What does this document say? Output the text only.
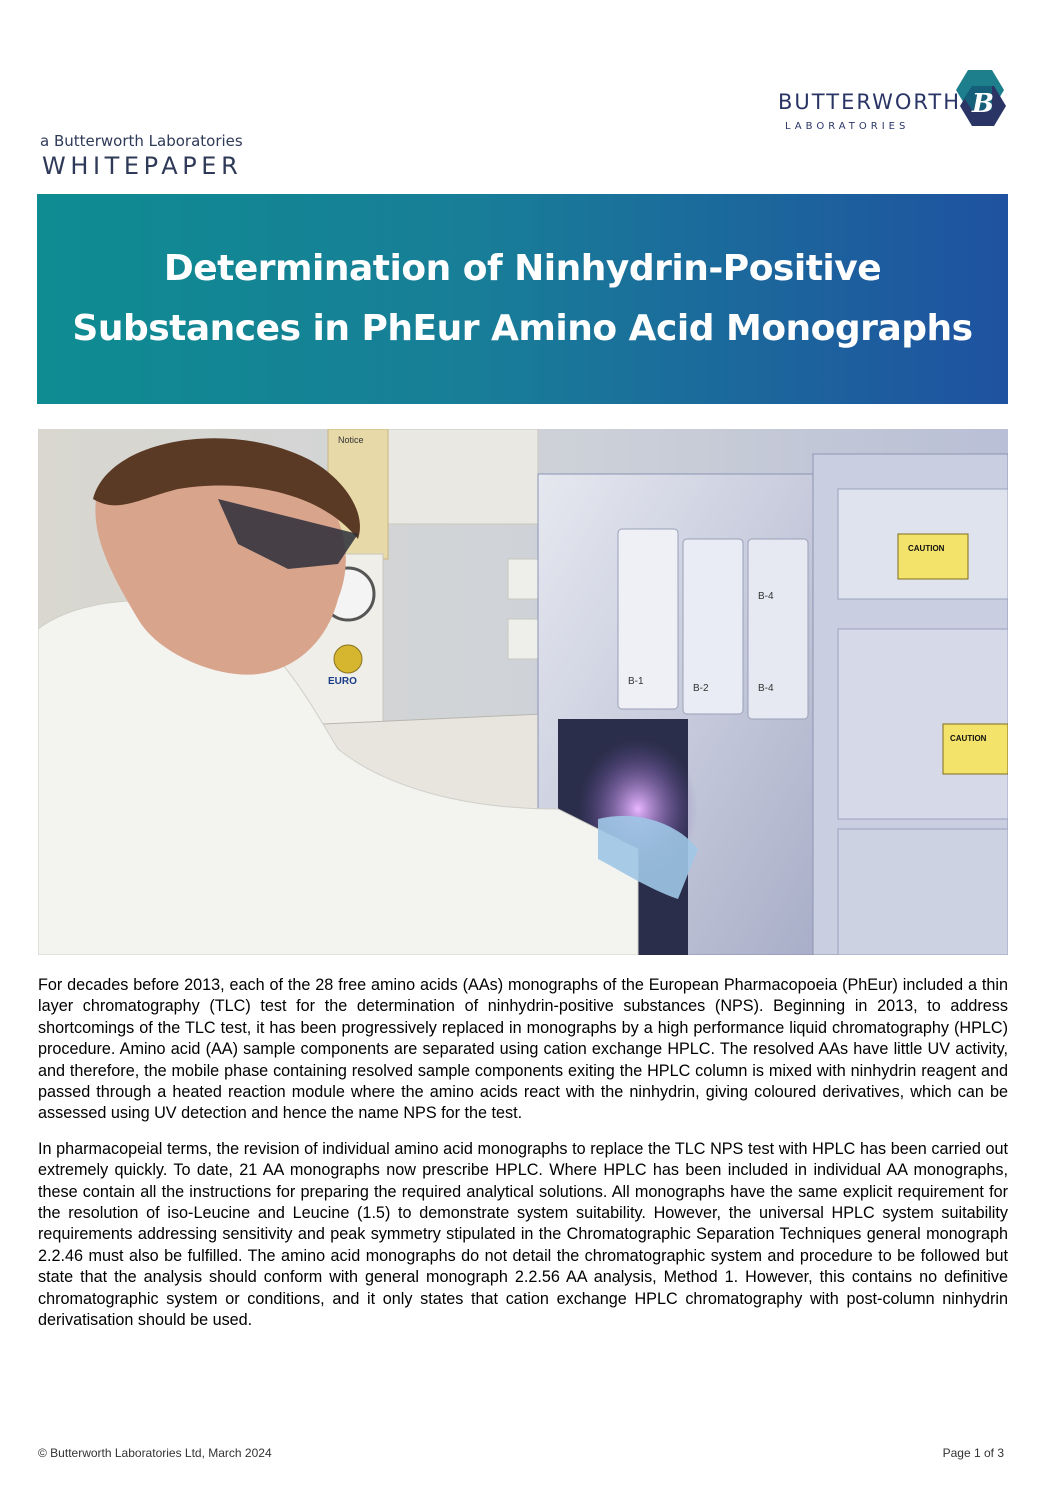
BUTTERWORTH
LABORATORIES
B
a Butterworth Laboratories
WHITEPAPER
Determination of Ninhydrin-Positive
Substances in PhEur Amino Acid Monographs
Notice
EURO	B-1
B-2
B-4
B-4
CAUTION
CAUTION

For decades before 2013, each of the 28 free amino acids (AAs) monographs of the European Pharmacopoeia (PhEur) included a thin layer chromatography (TLC) test for the determination of ninhydrin-positive substances (NPS). Beginning in 2013, to address shortcomings of the TLC test, it has been progressively replaced in monographs by a high performance liquid chromatography (HPLC) procedure. Amino acid (AA) sample components are separated using cation exchange HPLC. The resolved AAs have little UV activity, and therefore, the mobile phase containing resolved sample components exiting the HPLC column is mixed with ninhydrin reagent and passed through a heated reaction module where the amino acids react with the ninhydrin, giving coloured derivatives, which can be assessed using UV detection and hence the name NPS for the test.

In pharmacopeial terms, the revision of individual amino acid monographs to replace the TLC NPS test with HPLC has been carried out extremely quickly. To date, 21 AA monographs now prescribe HPLC. Where HPLC has been included in individual AA monographs, these contain all the instructions for preparing the required analytical solutions. All monographs have the same explicit requirement for the resolution of iso-Leucine and Leucine (1.5) to demonstrate system suitability. However, the universal HPLC system suitability requirements addressing sensitivity and peak symmetry stipulated in the Chromatographic Separation Techniques general monograph 2.2.46 must also be fulfilled. The amino acid monographs do not detail the chromatographic system and procedure to be followed but state that the analysis should conform with general monograph 2.2.56 AA analysis, Method 1. However, this contains no definitive chromatographic system or conditions, and it only states that cation exchange HPLC chromatography with post-column ninhydrin derivatisation should be used.

© Butterworth Laboratories Ltd, March 2024	Page 1 of 3
